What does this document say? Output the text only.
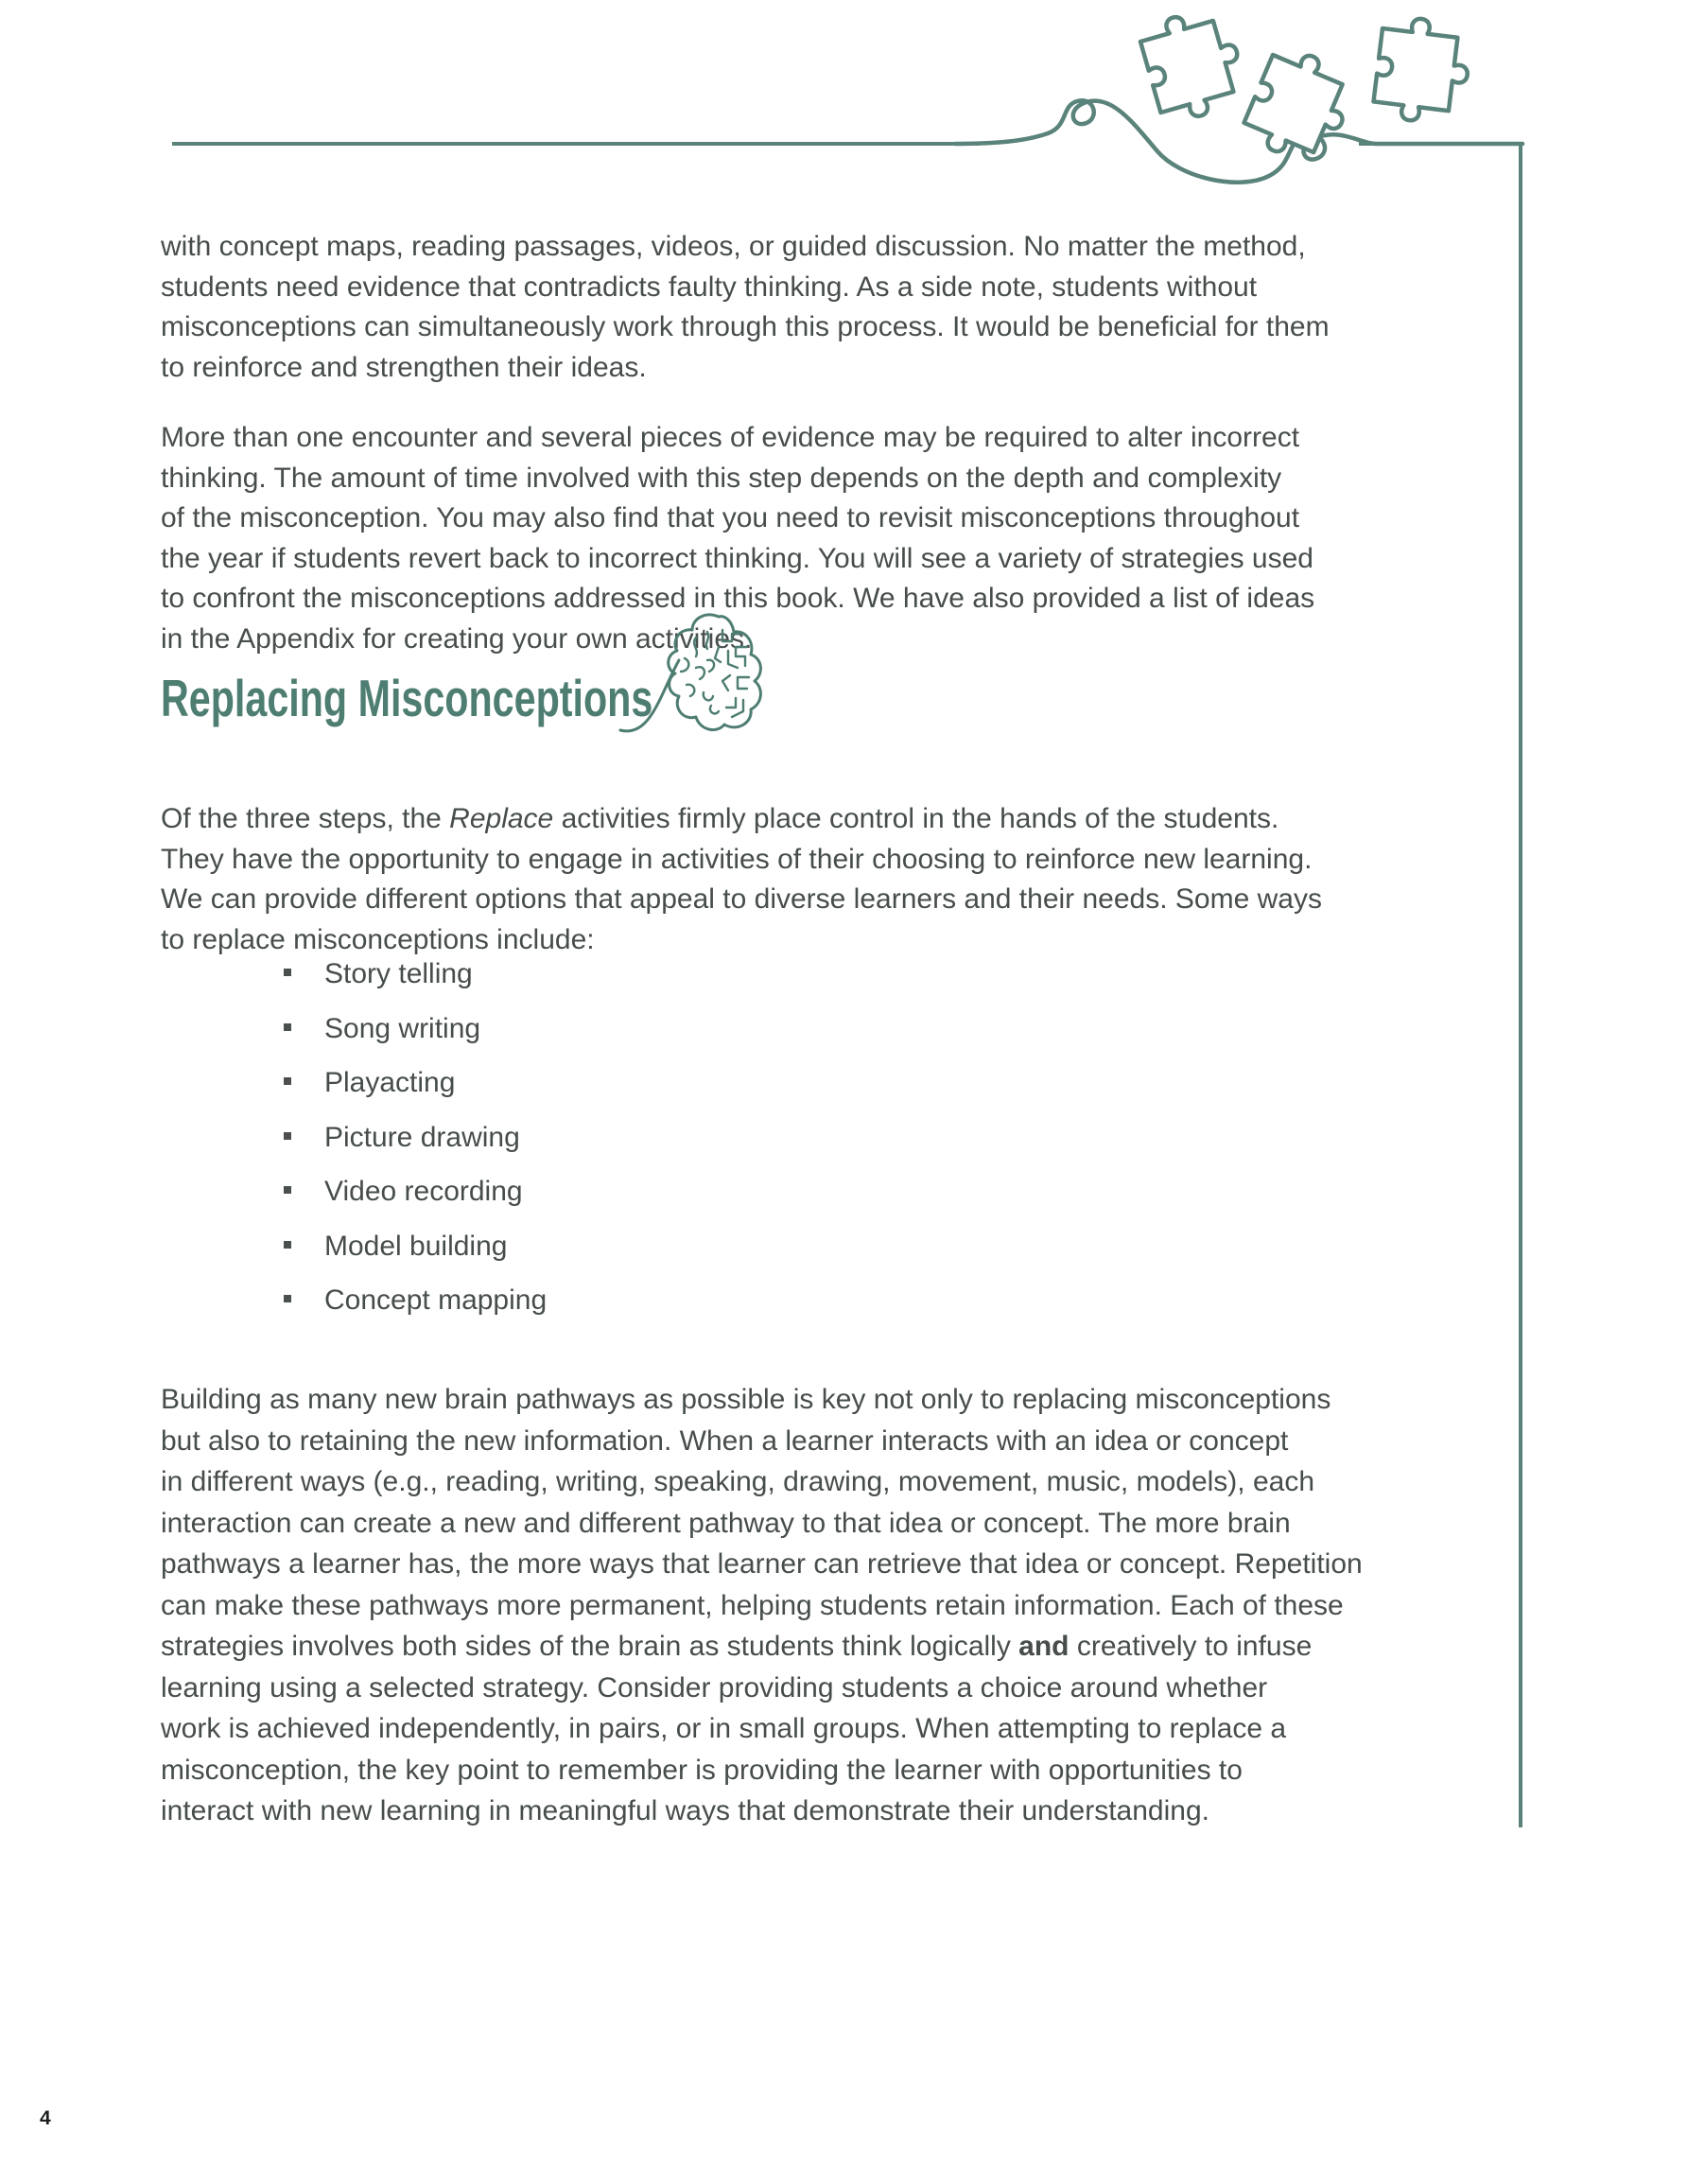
with concept maps, reading passages, videos, or guided discussion. No matter the method,
students need evidence that contradicts faulty thinking. As a side note, students without
misconceptions can simultaneously work through this process. It would be beneficial for them
to reinforce and strengthen their ideas.

More than one encounter and several pieces of evidence may be required to alter incorrect
thinking. The amount of time involved with this step depends on the depth and complexity
of the misconception. You may also find that you need to revisit misconceptions throughout
the year if students revert back to incorrect thinking. You will see a variety of strategies used
to confront the misconceptions addressed in this book. We have also provided a list of ideas
in the Appendix for creating your own activities.

Replacing Misconceptions

Of the three steps, the Replace activities firmly place control in the hands of the students.
They have the opportunity to engage in activities of their choosing to reinforce new learning.
We can provide different options that appeal to diverse learners and their needs. Some ways
to replace misconceptions include:

Story telling
Song writing
Playacting
Picture drawing
Video recording
Model building
Concept mapping

Building as many new brain pathways as possible is key not only to replacing misconceptions
but also to retaining the new information. When a learner interacts with an idea or concept
in different ways (e.g., reading, writing, speaking, drawing, movement, music, models), each
interaction can create a new and different pathway to that idea or concept. The more brain
pathways a learner has, the more ways that learner can retrieve that idea or concept. Repetition
can make these pathways more permanent, helping students retain information. Each of these
strategies involves both sides of the brain as students think logically and creatively to infuse
learning using a selected strategy. Consider providing students a choice around whether
work is achieved independently, in pairs, or in small groups. When attempting to replace a
misconception, the key point to remember is providing the learner with opportunities to
interact with new learning in meaningful ways that demonstrate their understanding.

4
